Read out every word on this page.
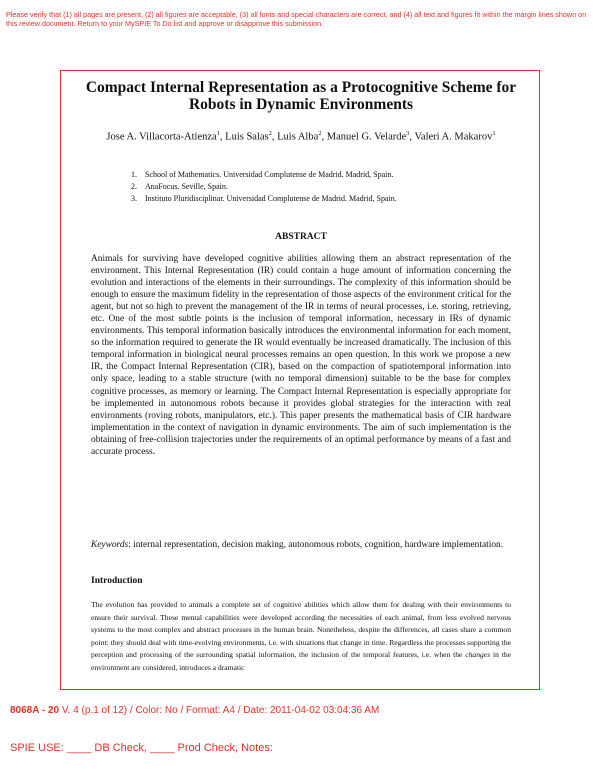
Please verify that (1) all pages are present, (2) all figures are acceptable, (3) all fonts and special characters are correct, and (4) all text and figures fit within the margin lines shown on this review document. Return to your MySPIE To Do list and approve or disapprove this submission.
Compact Internal Representation as a Protocognitive Scheme for Robots in Dynamic Environments
Jose A. Villacorta-Atienza$^1$, Luis Salas$^2$, Luis Alba$^2$, Manuel G. Velarde$^3$, Valeri A. Makarov$^1$
1.	School of Mathematics. Universidad Complutense de Madrid. Madrid, Spain.
2.	AnaFocus. Seville, Spain.
3.	Instituto Pluridisciplinar. Universidad Complutense de Madrid. Madrid, Spain.
ABSTRACT
Animals for surviving have developed cognitive abilities allowing them an abstract representation of the environment. This Internal Representation (IR) could contain a huge amount of information concerning the evolution and interactions of the elements in their surroundings. The complexity of this information should be enough to ensure the maximum fidelity in the representation of those aspects of the environment critical for the agent, but not so high to prevent the management of the IR in terms of neural processes, i.e. storing, retrieving, etc. One of the most subtle points is the inclusion of temporal information, necessary in IRs of dynamic environments. This temporal information basically introduces the environmental information for each moment, so the information required to generate the IR would eventually be increased dramatically. The inclusion of this temporal information in biological neural processes remains an open question. In this work we propose a new IR, the Compact Internal Representation (CIR), based on the compaction of spatiotemporal information into only space, leading to a stable structure (with no temporal dimension) suitable to be the base for complex cognitive processes, as memory or learning. The Compact Internal Representation is especially appropriate for be implemented in autonomous robots because it provides global strategies for the interaction with real environments (roving robots, manipulators, etc.). This paper presents the mathematical basis of CIR hardware implementation in the context of navigation in dynamic environments. The aim of such implementation is the obtaining of free-collision trajectories under the requirements of an optimal performance by means of a fast and accurate process.
Keywords: internal representation, decision making, autonomous robots, cognition, hardware implementation.
Introduction
The evolution has provided to animals a complete set of cognitive abilities which allow them for dealing with their environments to ensure their survival. These mental capabilities were developed according the necessities of each animal, from less evolved nervous systems to the most complex and abstract processes in the human brain. Nonetheless, despite the differences, all cases share a common point: they should deal with time-evolving environments, i.e. with situations that change in time. Regardless the processes supporting the perception and processing of the surrounding spatial information, the inclusion of the temporal features, i.e. when the changes in the environment are considered, introduces a dramatic
8068A - 20 V. 4 (p.1 of 12) / Color: No / Format: A4 / Date: 2011-04-02 03:04:36 AM
SPIE USE: ____ DB Check, ____ Prod Check, Notes:
